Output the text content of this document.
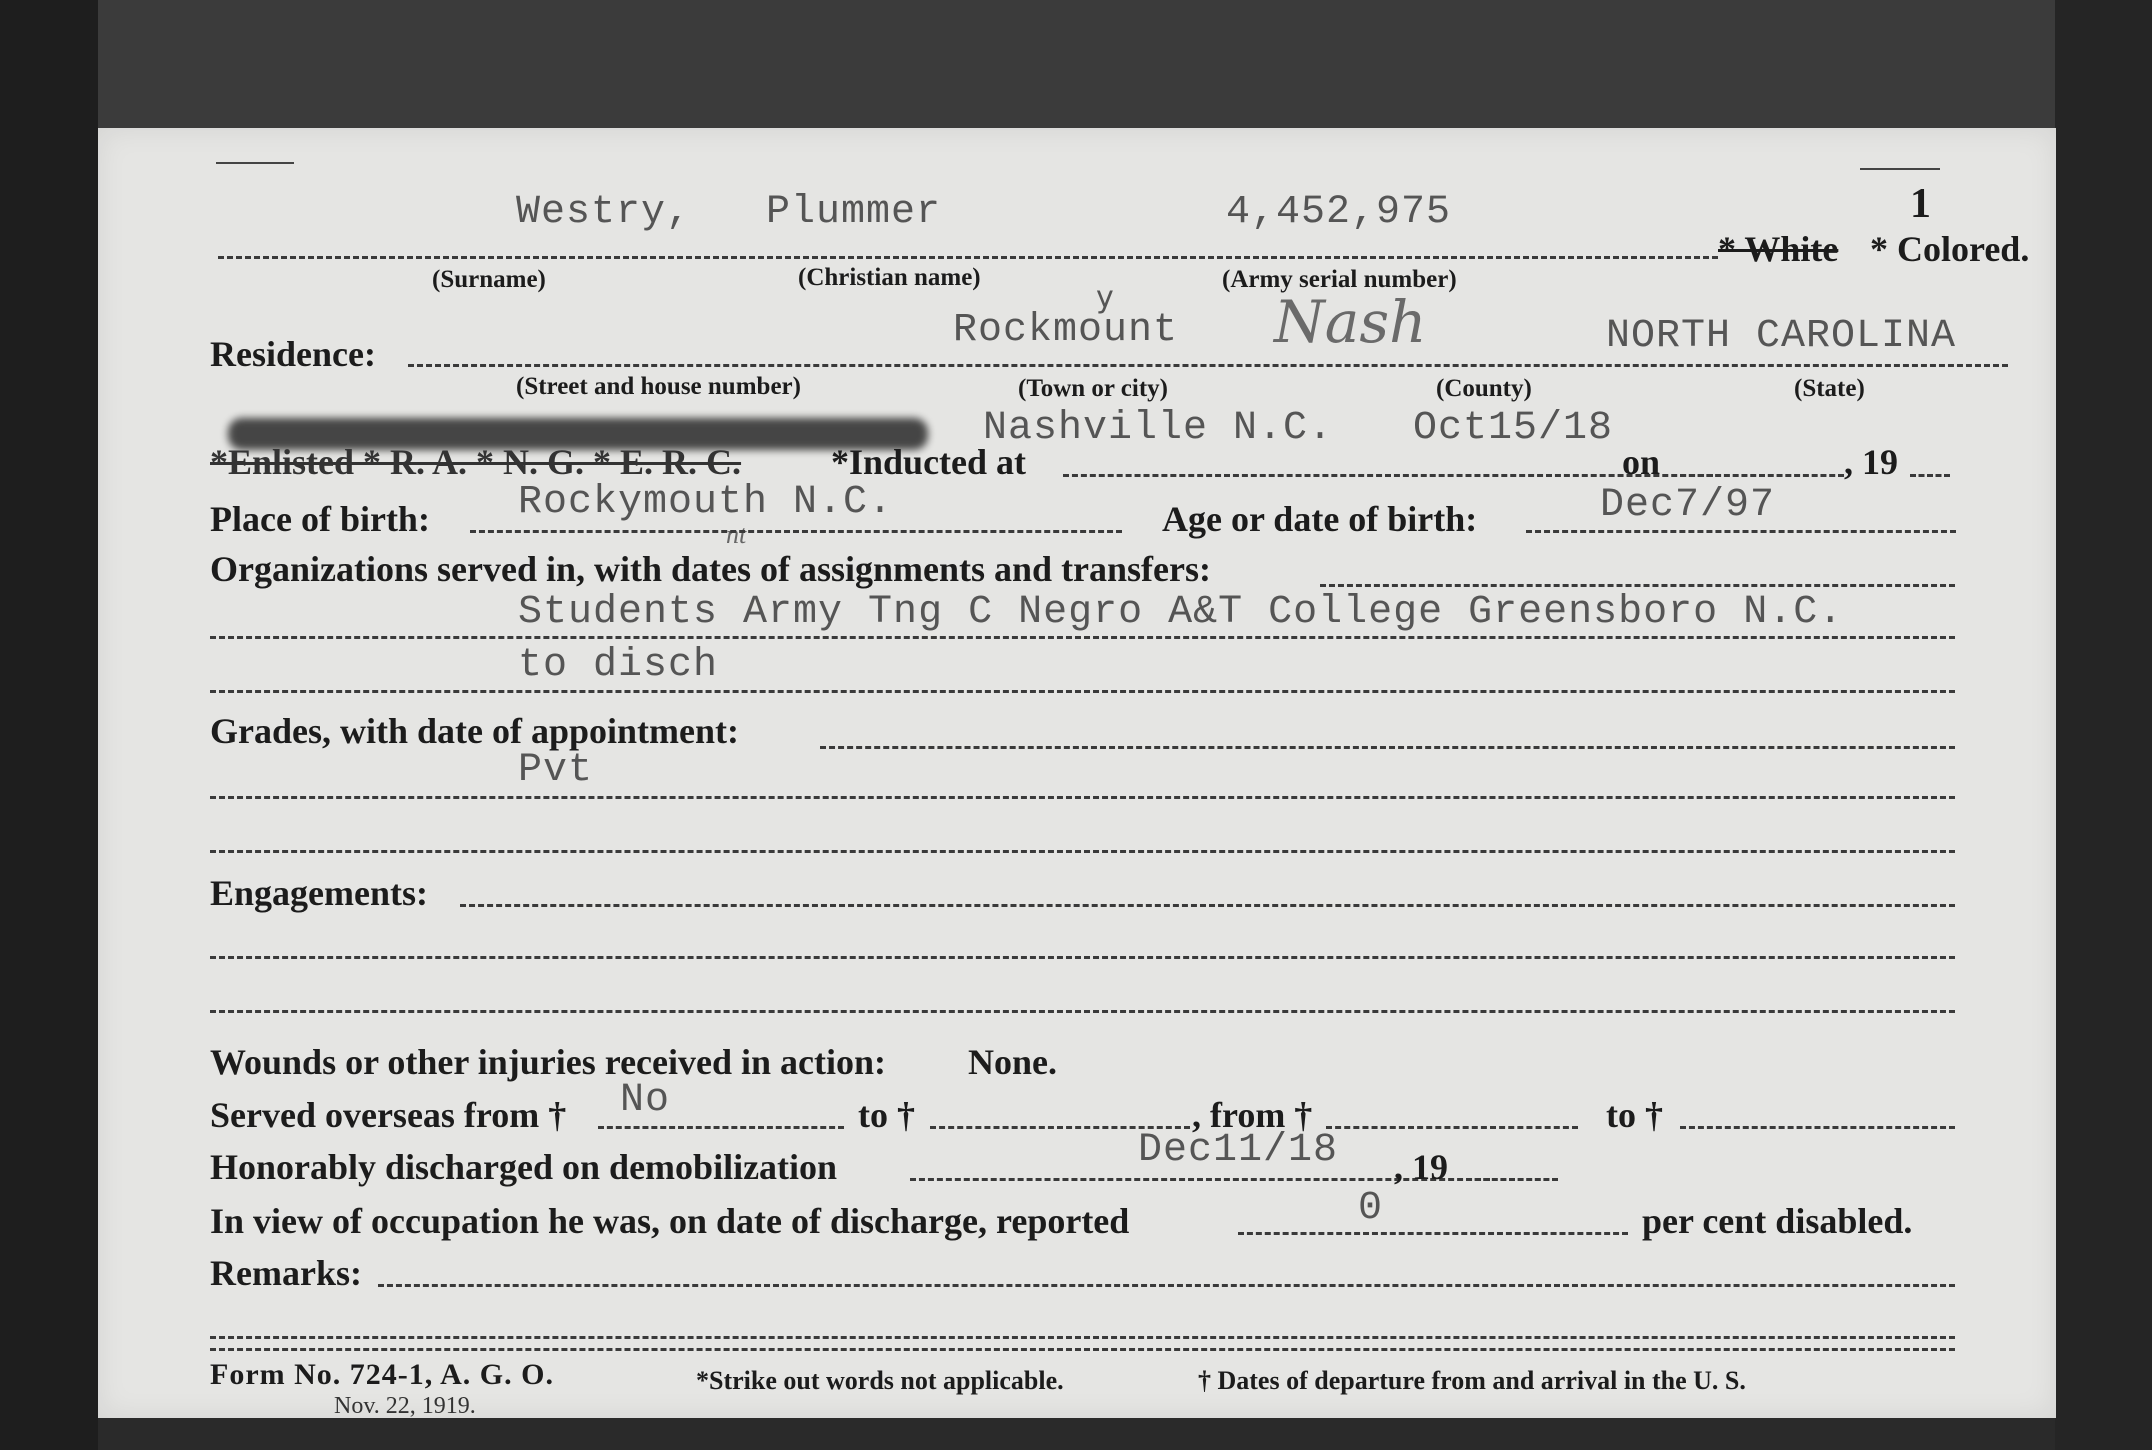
1
Westry, Plummer	4,452,975
* White * Colored.
(Surname)	(Christian name)
y
(Army serial number)
Residence:
Rockmount Nash	NORTH CAROLINA
(Street and house number)	(Town or city)	(County)	(State)
Nashville N.C. Oct15/18
*Enlisted * R. A. * N. G. * E. R. C. *Inducted at	on	, 19
Place of birth: Rockymouth N.C.
nt	Age or date of birth:	Dec7/97
Organizations served in, with dates of assignments and transfers:
Students Army Tng C Negro A&T College Greensboro N.C.
to disch
Grades, with date of appointment:
Pvt
Engagements:
Wounds or other injuries received in action: None.
Served overseas from † No	to †	, from †	to †
Honorably discharged on demobilization	Dec11/18 , 19
In view of occupation he was, on date of discharge, reported	0	per cent disabled.
Remarks:
Form No. 724-1, A. G. O.
Nov. 22, 1919.
*Strike out words not applicable.	† Dates of departure from and arrival in the U. S.
